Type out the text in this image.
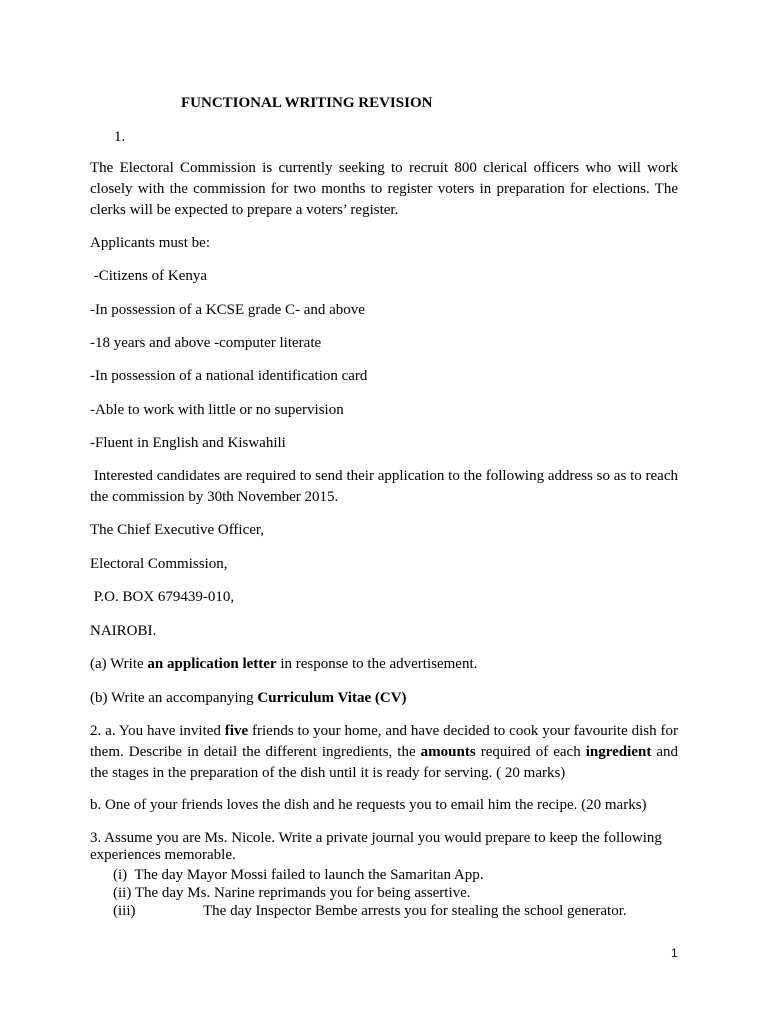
FUNCTIONAL WRITING REVISION

1.

The Electoral Commission is currently seeking to recruit 800 clerical officers who will work closely with the commission for two months to register voters in preparation for elections. The clerks will be expected to prepare a voters’ register.

Applicants must be:

-Citizens of Kenya

-In possession of a KCSE grade C- and above

-18 years and above -computer literate

-In possession of a national identification card

-Able to work with little or no supervision

-Fluent in English and Kiswahili

Interested candidates are required to send their application to the following address so as to reach the commission by 30th November 2015.

The Chief Executive Officer,

Electoral Commission,

P.O. BOX 679439-010,

NAIROBI.

(a) Write an application letter in response to the advertisement.

(b) Write an accompanying Curriculum Vitae (CV)

2. a. You have invited five friends to your home, and have decided to cook your favourite dish for them. Describe in detail the different ingredients, the amounts required of each ingredient and the stages in the preparation of the dish until it is ready for serving. ( 20 marks)

b. One of your friends loves the dish and he requests you to email him the recipe. (20 marks)

3. Assume you are Ms. Nicole. Write a private journal you would prepare to keep the following experiences memorable.

(i) The day Mayor Mossi failed to launch the Samaritan App.

(ii) The day Ms. Narine reprimands you for being assertive.

(iii)	The day Inspector Bembe arrests you for stealing the school generator.

1
